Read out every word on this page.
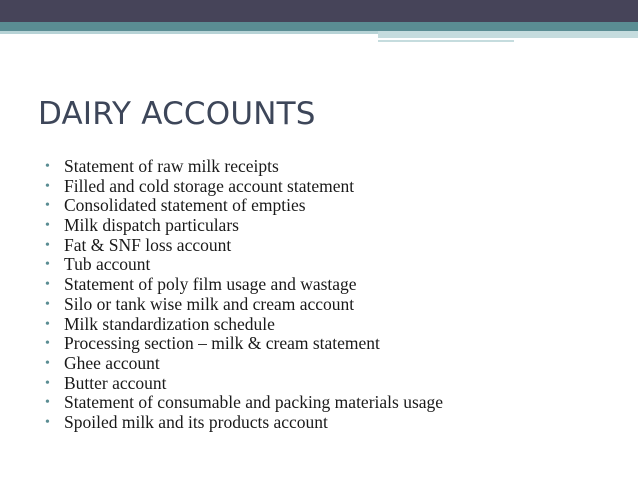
DAIRY ACCOUNTS
• Statement of raw milk receipts
• Filled and cold storage account statement
• Consolidated statement of empties
• Milk dispatch particulars
• Fat & SNF loss account
• Tub account
• Statement of poly film usage and wastage
• Silo or tank wise milk and cream account
• Milk standardization schedule
• Processing section – milk & cream statement
• Ghee account
• Butter account
• Statement of consumable and packing materials usage
• Spoiled milk and its products account
